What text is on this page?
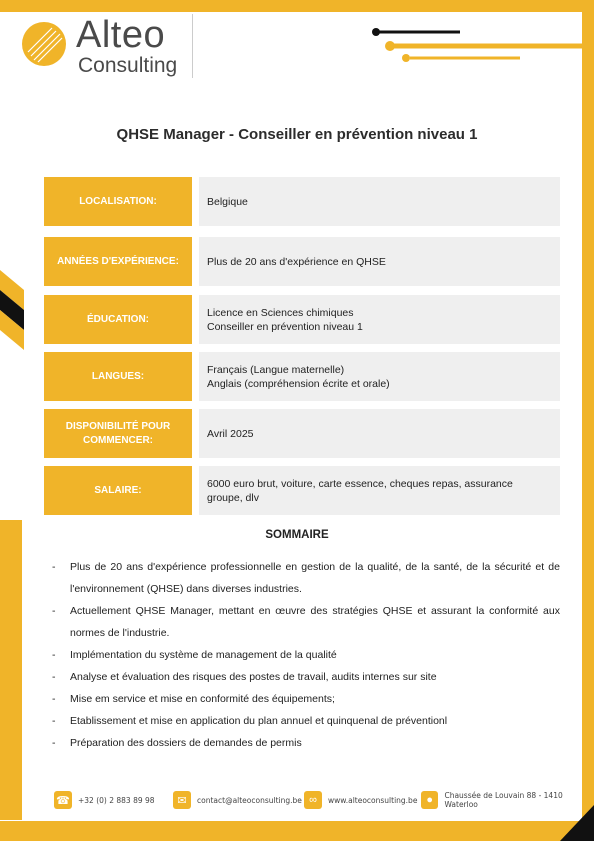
Alteo
Consulting
QHSE Manager - Conseiller en prévention niveau 1
LOCALISATION:	Belgique
ANNÉES D'EXPÉRIENCE:	Plus de 20 ans d'expérience en QHSE
ÉDUCATION:
Licence en Sciences chimiques
Conseiller en prévention niveau 1
LANGUES:
Français (Langue maternelle)
Anglais (compréhension écrite et orale)
DISPONIBILITÉ POUR COMMENCER:
Avril 2025
SALAIRE:
6000 euro brut, voiture, carte essence, cheques repas, assurance groupe, dlv
SOMMAIRE
- Plus de 20 ans d'expérience professionnelle en gestion de la qualité, de la santé, de la sécurité et de l'environnement (QHSE) dans diverses industries.
- Actuellement QHSE Manager, mettant en œuvre des stratégies QHSE et assurant la conformité aux normes de l'industrie.
- Implémentation du système de management de la qualité
- Analyse et évaluation des risques des postes de travail, audits internes sur site
- Mise em service et mise en conformité des équipements;
- Etablissement et mise en application du plan annuel et quinquenal de préventionl
- Préparation des dossiers de demandes de permis
☎ +32 (0) 2 883 89 98	✉	contact@alteoconsulting.be ∞	www.alteoconsulting.be ●	Chaussée de Louvain 88 - 1410 Waterloo
